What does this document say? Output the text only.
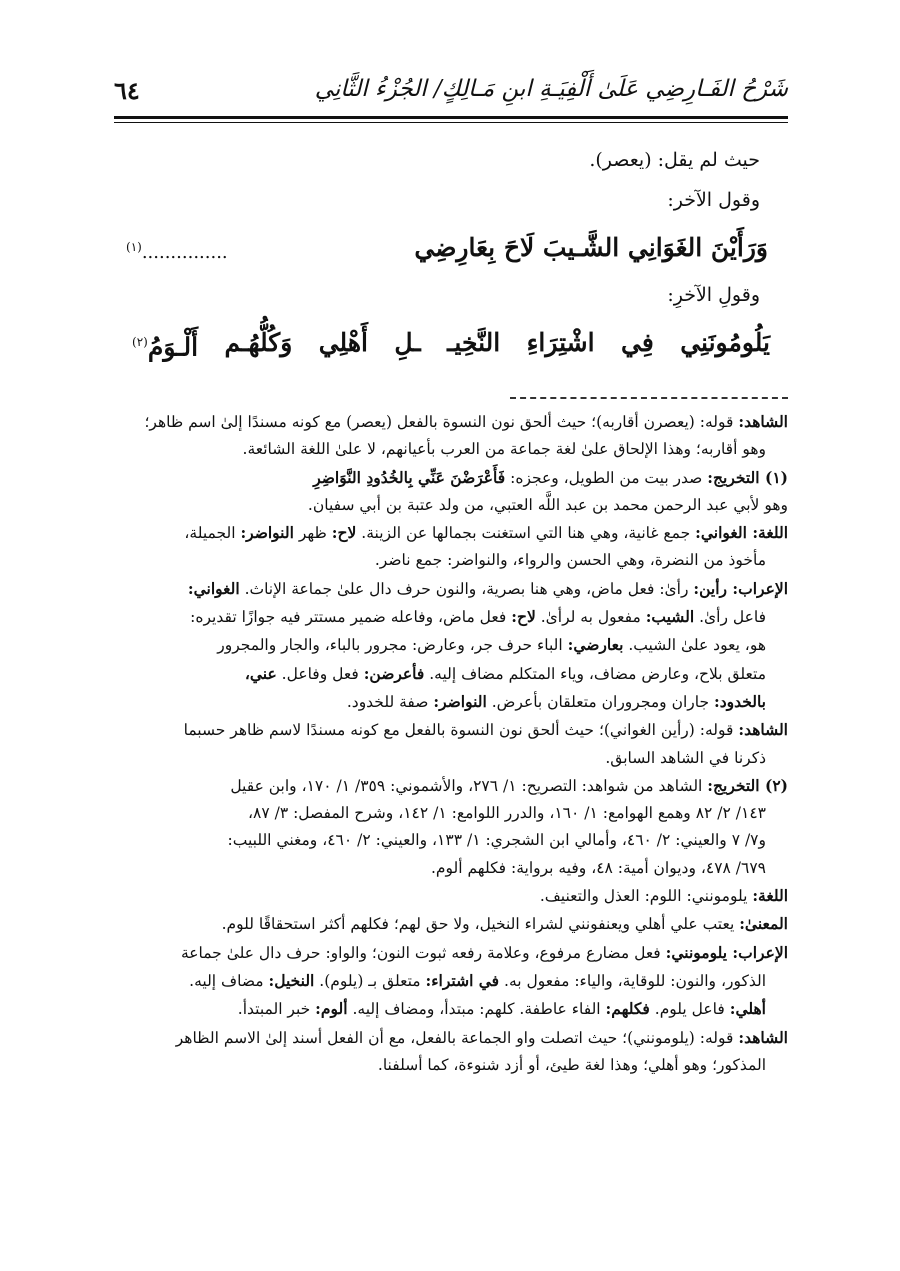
شَرْحُ الفَـارِضِي عَلَىٰ أَلْفِيَـةِ ابنِ مَـالِكٍ/ الجُزْءُ الثَّانِي
٦٤
حيث لم يقل: (يعصر).
وقول الآخر:
وَرَأَيْنَ الغَوَانِي الشَّـيبَ لَاحَ بِعَارِضِي
...............$^{(١)}$
وقولِ الآخرِ:
يَلُومُونَنِي
فِي
اشْتِرَاءِ
النَّخِيـ
ـلِ
أَهْلِي
وَكُلُّهُـم
أَلْـوَمُ$^{(٢)}$

الشاهد: قوله: (يعصرن أقاربه)؛ حيث ألحق نون النسوة بالفعل (يعصر) مع كونه مسندًا إلىٰ اسم ظاهر؛

وهو أقاربه؛ وهذا الإلحاق علىٰ لغة جماعة من العرب بأعيانهم، لا علىٰ اللغة الشائعة.

(١) التخريج: صدر بيت من الطويل، وعجزه: فَأَعْرَضْنَ عَنِّي بِالخُدُودِ النَّوَاضِرِ

وهو لأبي عبد الرحمن محمد بن عبد اللَّه العتبي، من ولد عتبة بن أبي سفيان.

اللغة: الغواني: جمع غانية، وهي هنا التي استغنت بجمالها عن الزينة. لاح: ظهر النواضر: الجميلة،

مأخوذ من النضرة، وهي الحسن والرواء، والنواضر: جمع ناضر.

الإعراب: رأين: رأىٰ: فعل ماض، وهي هنا بصرية، والنون حرف دال علىٰ جماعة الإناث. الغواني:

فاعل رأىٰ. الشيب: مفعول به لرأىٰ. لاح: فعل ماض، وفاعله ضمير مستتر فيه جوازًا تقديره:

هو، يعود علىٰ الشيب. بعارضي: الباء حرف جر، وعارض: مجرور بالباء، والجار والمجرور

متعلق بلاح، وعارض مضاف، وياء المتكلم مضاف إليه. فأعرضن: فعل وفاعل. عني،

بالخدود: جاران ومجروران متعلقان بأعرض. النواضر: صفة للخدود.

الشاهد: قوله: (رأين الغواني)؛ حيث ألحق نون النسوة بالفعل مع كونه مسندًا لاسم ظاهر حسبما

ذكرنا في الشاهد السابق.

(٢) التخريج: الشاهد من شواهد: التصريح: ١/ ٢٧٦، والأشموني: ٣٥٩/ ١/ ١٧٠، وابن عقيل

١٤٣/ ٢/ ٨٢ وهمع الهوامع: ١/ ١٦٠، والدرر اللوامع: ١/ ١٤٢، وشرح المفصل: ٣/ ٨٧،

و٧/ ٧ والعيني: ٢/ ٤٦٠، وأمالي ابن الشجري: ١/ ١٣٣، والعيني: ٢/ ٤٦٠، ومغني اللبيب:

٦٧٩/ ٤٧٨، وديوان أمية: ٤٨، وفيه برواية: فكلهم ألوم.

اللغة: يلومونني: اللوم: العذل والتعنيف.

المعنىٰ: يعتب علي أهلي ويعنفونني لشراء النخيل، ولا حق لهم؛ فكلهم أكثر استحقاقًا للوم.

الإعراب: يلومونني: فعل مضارع مرفوع، وعلامة رفعه ثبوت النون؛ والواو: حرف دال علىٰ جماعة

الذكور، والنون: للوقاية، والياء: مفعول به. في اشتراء: متعلق بـ (يلوم). النخيل: مضاف إليه.

أهلي: فاعل يلوم. فكلهم: الفاء عاطفة. كلهم: مبتدأ، ومضاف إليه. ألوم: خبر المبتدأ.

الشاهد: قوله: (يلومونني)؛ حيث اتصلت واو الجماعة بالفعل، مع أن الفعل أسند إلىٰ الاسم الظاهر

المذكور؛ وهو أهلي؛ وهذا لغة طيئ، أو أزد شنوءة، كما أسلفنا.
